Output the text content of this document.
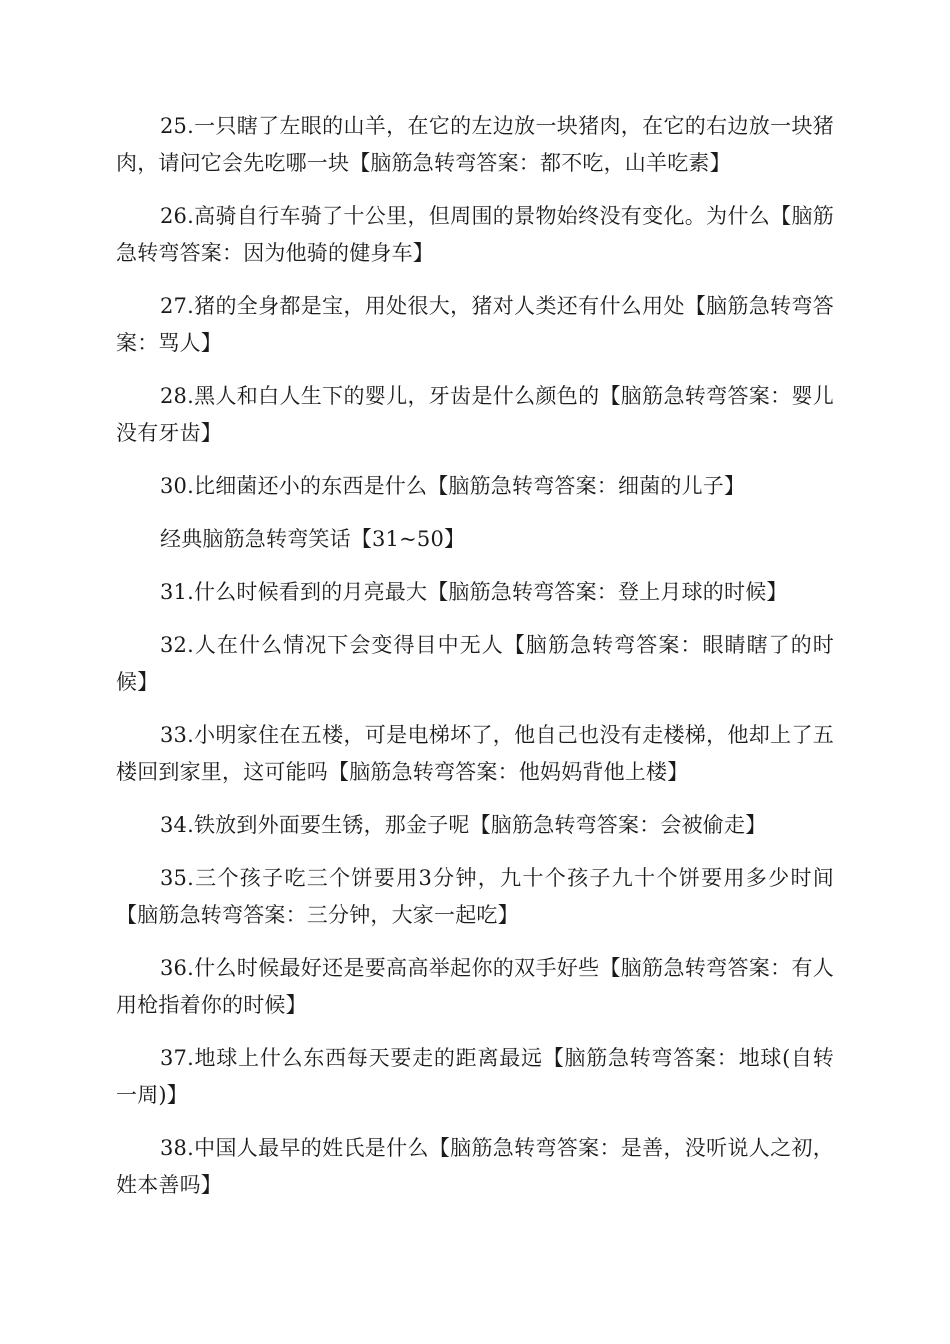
25.一只瞎了左眼的山羊，在它的左边放一块猪肉，在它的右边放一块猪肉，请问它会先吃哪一块【脑筋急转弯答案：都不吃，山羊吃素】

26.高骑自行车骑了十公里，但周围的景物始终没有变化。为什么【脑筋急转弯答案：因为他骑的健身车】

27.猪的全身都是宝，用处很大，猪对人类还有什么用处【脑筋急转弯答案：骂人】

28.黑人和白人生下的婴儿，牙齿是什么颜色的【脑筋急转弯答案：婴儿没有牙齿】

30.比细菌还小的东西是什么【脑筋急转弯答案：细菌的儿子】

经典脑筋急转弯笑话【31~50】

31.什么时候看到的月亮最大【脑筋急转弯答案：登上月球的时候】

32.人在什么情况下会变得目中无人【脑筋急转弯答案：眼睛瞎了的时候】

33.小明家住在五楼，可是电梯坏了，他自己也没有走楼梯，他却上了五楼回到家里，这可能吗【脑筋急转弯答案：他妈妈背他上楼】

34.铁放到外面要生锈，那金子呢【脑筋急转弯答案：会被偷走】

35.三个孩子吃三个饼要用3分钟，九十个孩子九十个饼要用多少时间【脑筋急转弯答案：三分钟，大家一起吃】

36.什么时候最好还是要高高举起你的双手好些【脑筋急转弯答案：有人用枪指着你的时候】

37.地球上什么东西每天要走的距离最远【脑筋急转弯答案：地球(自转一周)】

38.中国人最早的姓氏是什么【脑筋急转弯答案：是善，没听说人之初，姓本善吗】
